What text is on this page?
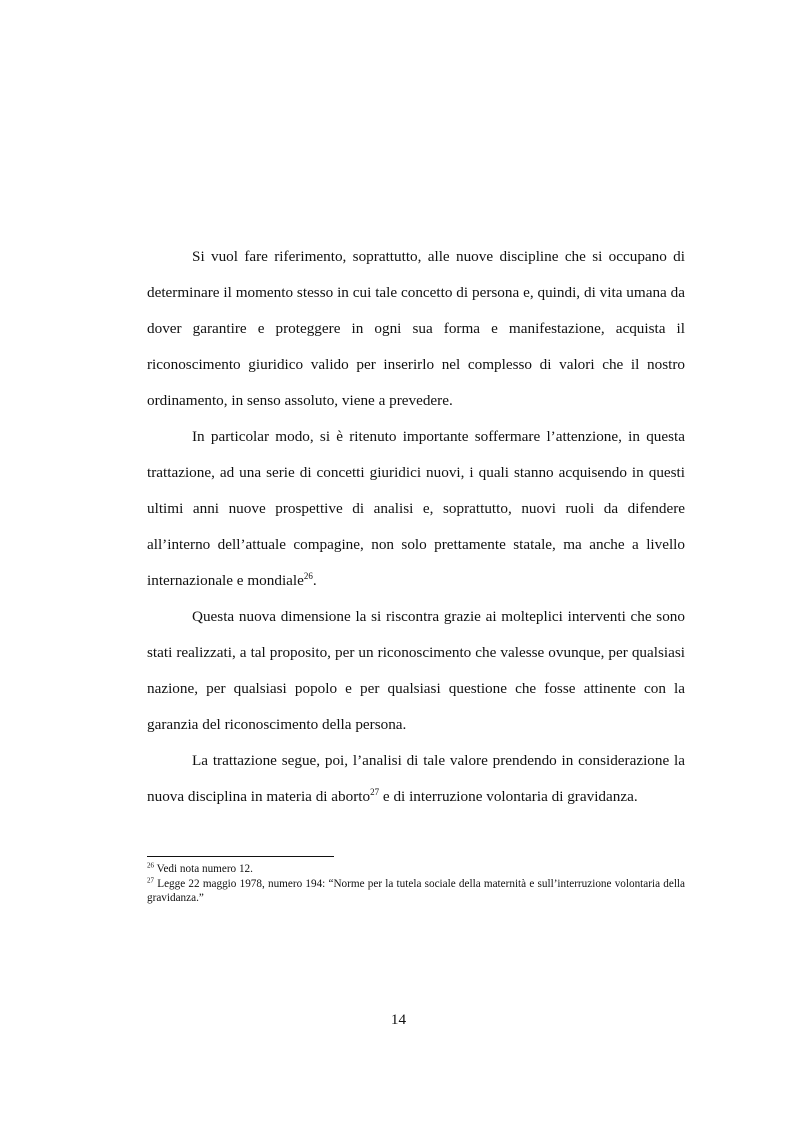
Si vuol fare riferimento, soprattutto, alle nuove discipline che si occupano di determinare il momento stesso in cui tale concetto di persona e, quindi, di vita umana da dover garantire e proteggere in ogni sua forma e manifestazione, acquista il riconoscimento giuridico valido per inserirlo nel complesso di valori che il nostro ordinamento, in senso assoluto, viene a prevedere.

In particolar modo, si è ritenuto importante soffermare l’attenzione, in questa trattazione, ad una serie di concetti giuridici nuovi, i quali stanno acquisendo in questi ultimi anni nuove prospettive di analisi e, soprattutto, nuovi ruoli da difendere all’interno dell’attuale compagine, non solo prettamente statale, ma anche a livello internazionale e mondiale$^{26}$.

Questa nuova dimensione la si riscontra grazie ai molteplici interventi che sono stati realizzati, a tal proposito, per un riconoscimento che valesse ovunque, per qualsiasi nazione, per qualsiasi popolo e per qualsiasi questione che fosse attinente con la garanzia del riconoscimento della persona.

La trattazione segue, poi, l’analisi di tale valore prendendo in considerazione la nuova disciplina in materia di aborto$^{27}$ e di interruzione volontaria di gravidanza.

$^{26}$ Vedi nota numero 12.

$^{27}$ Legge 22 maggio 1978, numero 194: “Norme per la tutela sociale della maternità e sull’interruzione volontaria della gravidanza.”

14
